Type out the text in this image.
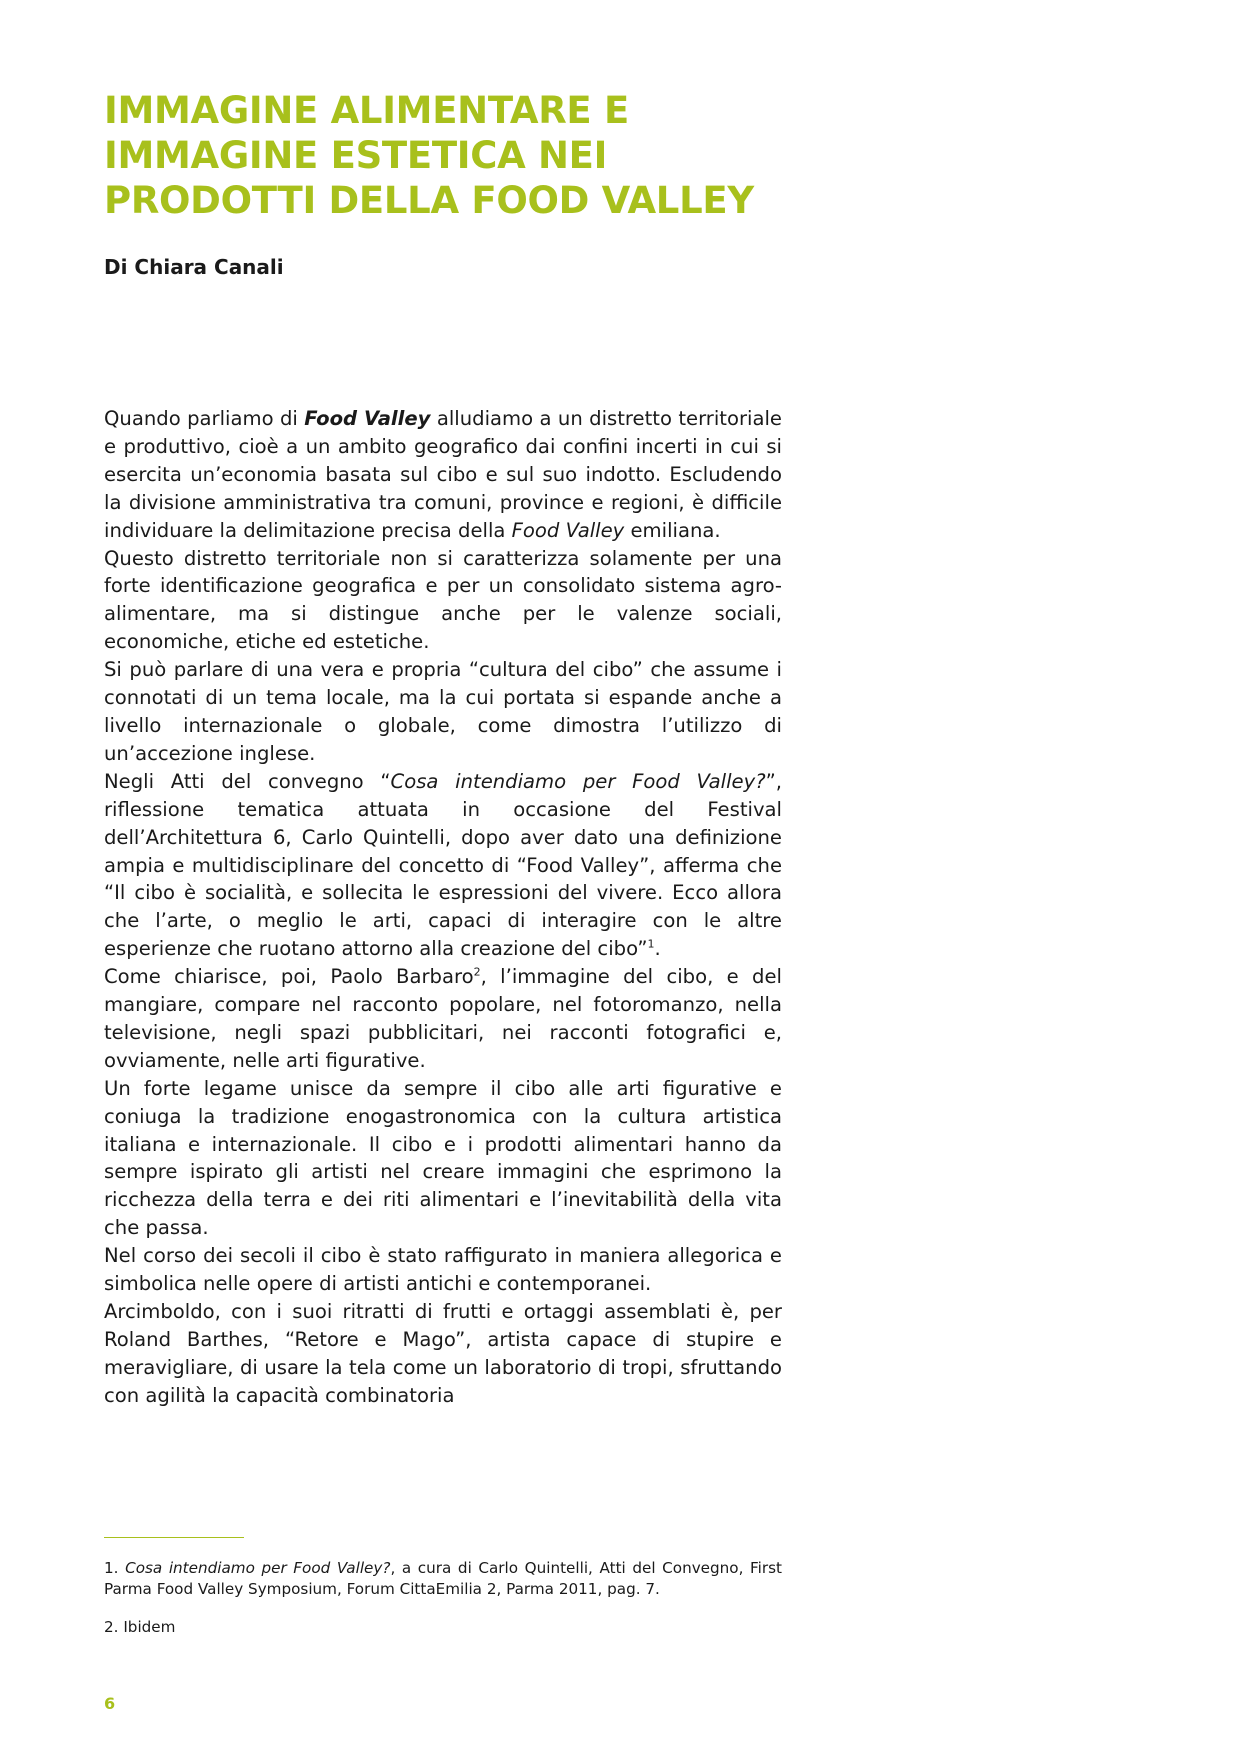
IMMAGINE ALIMENTARE E
IMMAGINE ESTETICA NEI
PRODOTTI DELLA FOOD VALLEY

Di Chiara Canali

Quando parliamo di Food Valley alludiamo a un distretto territoriale e produttivo, cioè a un ambito geografico dai confini incerti in cui si esercita un’economia basata sul cibo e sul suo indotto. Escludendo la divisione amministrativa tra comuni, province e regioni, è difficile individuare la delimitazione precisa della Food Valley emiliana.

Questo distretto territoriale non si caratterizza solamente per una forte identificazione geografica e per un consolidato sistema agro-alimentare, ma si distingue anche per le valenze sociali, economiche, etiche ed estetiche.

Si può parlare di una vera e propria “cultura del cibo” che assume i connotati di un tema locale, ma la cui portata si espande anche a livello internazionale o globale, come dimostra l’utilizzo di un’accezione inglese.

Negli Atti del convegno “Cosa intendiamo per Food Valley?”, riflessione tematica attuata in occasione del Festival dell’Architettura 6, Carlo Quintelli, dopo aver dato una definizione ampia e multidisciplinare del concetto di “Food Valley”, afferma che “Il cibo è socialità, e sollecita le espressioni del vivere. Ecco allora che l’arte, o meglio le arti, capaci di interagire con le altre esperienze che ruotano attorno alla creazione del cibo”$^1$.

Come chiarisce, poi, Paolo Barbaro$^2$, l’immagine del cibo, e del mangiare, compare nel racconto popolare, nel fotoromanzo, nella televisione, negli spazi pubblicitari, nei racconti fotografici e, ovviamente, nelle arti figurative.

Un forte legame unisce da sempre il cibo alle arti figurative e coniuga la tradizione enogastronomica con la cultura artistica italiana e internazionale. Il cibo e i prodotti alimentari hanno da sempre ispirato gli artisti nel creare immagini che esprimono la ricchezza della terra e dei riti alimentari e l’inevitabilità della vita che passa.

Nel corso dei secoli il cibo è stato raffigurato in maniera allegorica e simbolica nelle opere di artisti antichi e contemporanei.

Arcimboldo, con i suoi ritratti di frutti e ortaggi assemblati è, per Roland Barthes, “Retore e Mago”, artista capace di stupire e meravigliare, di usare la tela come un laboratorio di tropi, sfruttando con agilità la capacità combinatoria

1. Cosa intendiamo per Food Valley?, a cura di Carlo Quintelli, Atti del Convegno, First Parma Food Valley Symposium, Forum CittaEmilia 2, Parma 2011, pag. 7.

2. Ibidem

6
